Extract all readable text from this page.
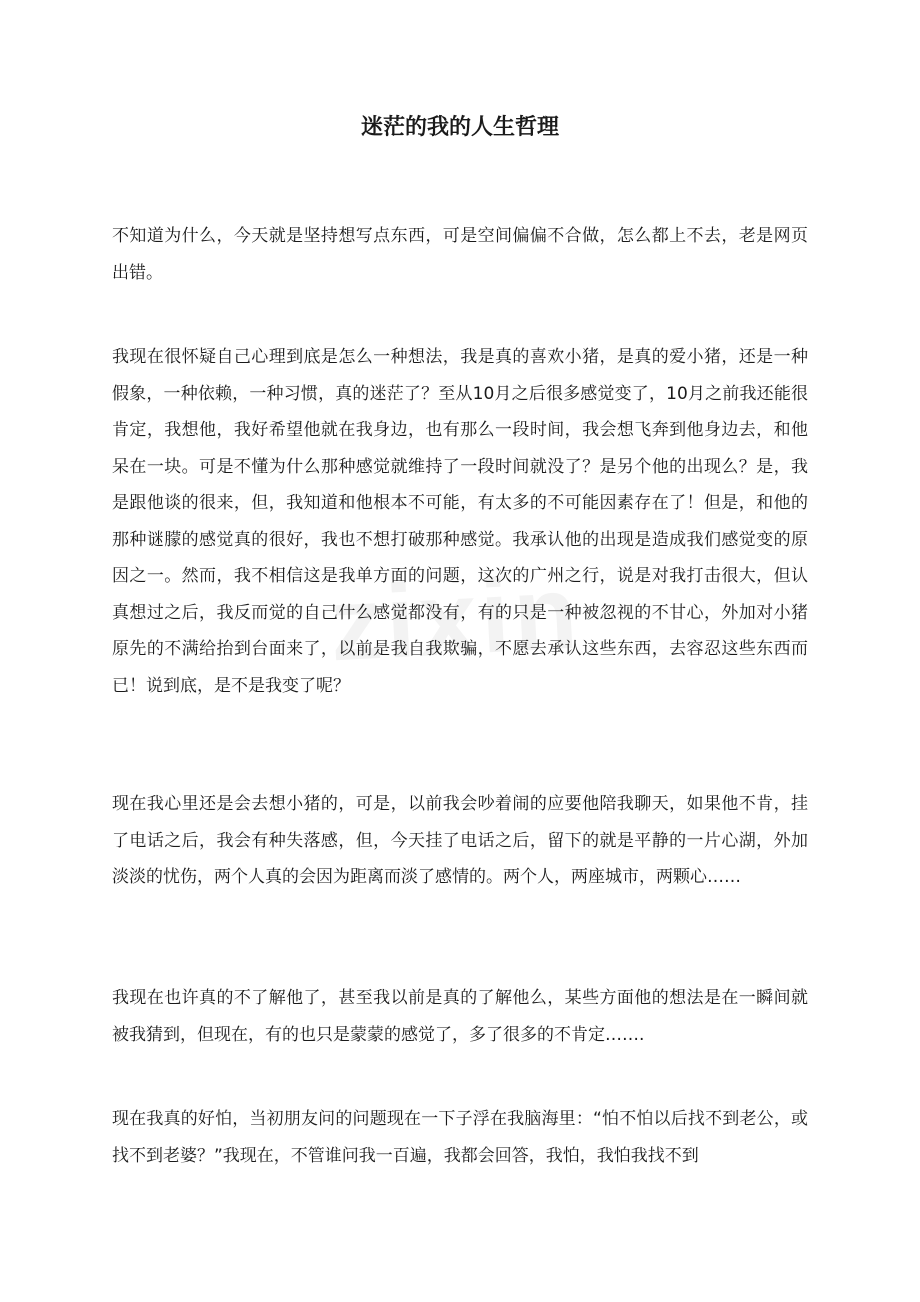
迷茫的我的人生哲理

不知道为什么，今天就是坚持想写点东西，可是空间偏偏不合做，怎么都上不去，老是网页出错。

我现在很怀疑自己心理到底是怎么一种想法，我是真的喜欢小猪，是真的爱小猪，还是一种假象，一种依赖，一种习惯，真的迷茫了？至从10月之后很多感觉变了，10月之前我还能很肯定，我想他，我好希望他就在我身边，也有那么一段时间，我会想飞奔到他身边去，和他呆在一块。可是不懂为什么那种感觉就维持了一段时间就没了？是另个他的出现么？是，我是跟他谈的很来，但，我知道和他根本不可能，有太多的不可能因素存在了！但是，和他的那种谜朦的感觉真的很好，我也不想打破那种感觉。我承认他的出现是造成我们感觉变的原因之一。然而，我不相信这是我单方面的问题，这次的广州之行，说是对我打击很大，但认真想过之后，我反而觉的自己什么感觉都没有，有的只是一种被忽视的不甘心，外加对小猪原先的不满给抬到台面来了，以前是我自我欺骗，不愿去承认这些东西，去容忍这些东西而已！说到底，是不是我变了呢？

现在我心里还是会去想小猪的，可是，以前我会吵着闹的应要他陪我聊天，如果他不肯，挂了电话之后，我会有种失落感，但，今天挂了电话之后，留下的就是平静的一片心湖，外加淡淡的忧伤，两个人真的会因为距离而淡了感情的。两个人，两座城市，两颗心……

我现在也许真的不了解他了，甚至我以前是真的了解他么，某些方面他的想法是在一瞬间就被我猜到，但现在，有的也只是蒙蒙的感觉了，多了很多的不肯定…….

现在我真的好怕，当初朋友问的问题现在一下子浮在我脑海里：“怕不怕以后找不到老公，或找不到老婆？”我现在，不管谁问我一百遍，我都会回答，我怕，我怕我找不到
